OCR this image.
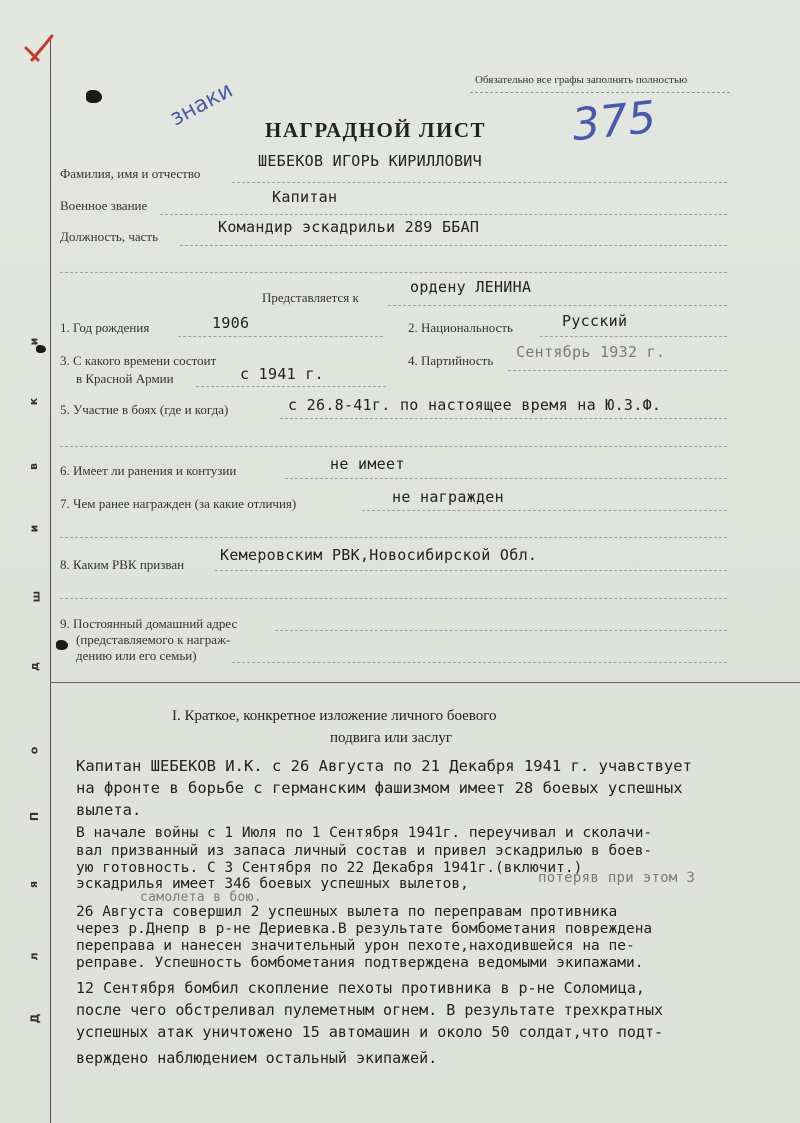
Д
л
я
П
о
д
ш
и
в
к
и
Обязательно все графы заполнять полностью
знаки	375
НАГРАДНОЙ ЛИСТ
Фамилия, имя и отчество
ШЕБЕКОВ ИГОРЬ КИРИЛЛОВИЧ
Военное звание	Капитан
Должность, часть
Командир эскадрильи 289 ББАП
Представляется к
ордену ЛЕНИНА
1. Год рождения	1906	2. Национальность	Русский
3. С какого времени состоит
в Красной Армии	с 1941 г.
4. Партийность Сентябрь 1932 г.
5. Участие в боях (где и когда)	с 26.8-41г. по настоящее время на Ю.З.Ф.
6. Имеет ли ранения и контузии	не имеет
7. Чем ранее награжден (за какие отличия)	не награжден
8. Каким РВК призван
Кемеровским РВК,Новосибирской Обл.
9. Постоянный домашний адрес
(представляемого к награж-
дению или его семьи)
I. Краткое, конкретное изложение личного боевого
подвига или заслуг
Капитан ШЕБЕКОВ И.К. с 26 Августа по 21 Декабря 1941 г. учавствует
на фронте в борьбе с германским фашизмом имеет 28 боевых успешных
вылета.
В начале войны с 1 Июля по 1 Сентября 1941г. переучивал и сколачи-
вал призванный из запаса личный состав и привел эскадрилью в боев-
ую готовность. С 3 Сентября по 22 Декабря 1941г.(включит.)
эскадрилья имеет 346 боевых успешных вылетов,	потеряв при этом 3
самолета в бою.
26 Августа совершил 2 успешных вылета по переправам противника
через р.Днепр в р-не Дериевка.В результате бомбометания повреждена
переправа и нанесен значительный урон пехоте,находившейся на пе-
реправе. Успешность бомбометания подтверждена ведомыми экипажами.
12 Сентября бомбил скопление пехоты противника в р-не Соломица,
после чего обстреливал пулеметным огнем. В результате трехкратных
успешных атак уничтожено 15 автомашин и около 50 солдат,что подт-
верждено наблюдением остальный экипажей.
